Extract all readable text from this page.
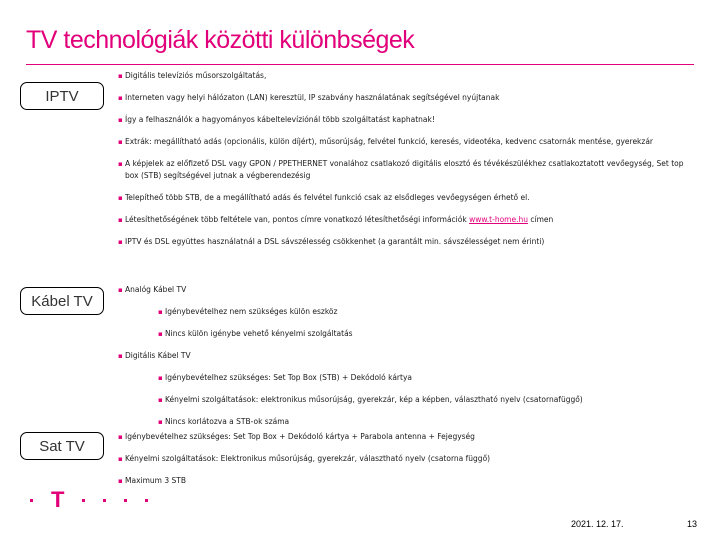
TV technológiák közötti különbségek
IPTV
▪ Digitális televíziós műsorszolgáltatás,
▪ Interneten vagy helyi hálózaton (LAN) keresztül, IP szabvány használatának segítségével nyújtanak
▪ Így a felhasználók a hagyományos kábeltelevíziónál több szolgáltatást kaphatnak!
▪ Extrák: megállítható adás (opcionális, külön díjért), műsorújság, felvétel funkció, keresés, videotéka, kedvenc csatornák mentése, gyerekzár
▪ A képjelek az előfizető DSL vagy GPON / PPETHERNET vonalához csatlakozó digitális elosztó és tévékészülékhez csatlakoztatott vevőegység, Set top box (STB) segítségével jutnak a végberendezésig
▪ Telepítheő több STB, de a megállítható adás és felvétel funkció csak az elsődleges vevőegységen érhető el.
▪ Létesíthetőségének több feltétele van, pontos címre vonatkozó létesíthetőségi információk www.t-home.hu címen
▪ IPTV és DSL együttes használatnál a DSL sávszélesség csökkenhet (a garantált min. sávszélességet nem érinti)
Kábel TV
▪ Analóg Kábel TV
▪ Igénybevételhez nem szükséges külön eszköz
▪ Nincs külön igénybe vehető kényelmi szolgáltatás
▪ Digitális Kábel TV
▪ Igénybevételhez szükséges: Set Top Box (STB) + Dekódoló kártya
▪ Kényelmi szolgáltatások: elektronikus műsorújság, gyerekzár, kép a képben, választható nyelv (csatornafüggő)
▪ Nincs korlátozva a STB-ok száma
Sat TV
▪ Igénybevételhez szükséges: Set Top Box + Dekódoló kártya + Parabola antenna + Fejegység
▪ Kényelmi szolgáltatások: Elektronikus műsorújság, gyerekzár, választható nyelv (csatorna függő)
▪ Maximum 3 STB
T
2021. 12. 17.	13
